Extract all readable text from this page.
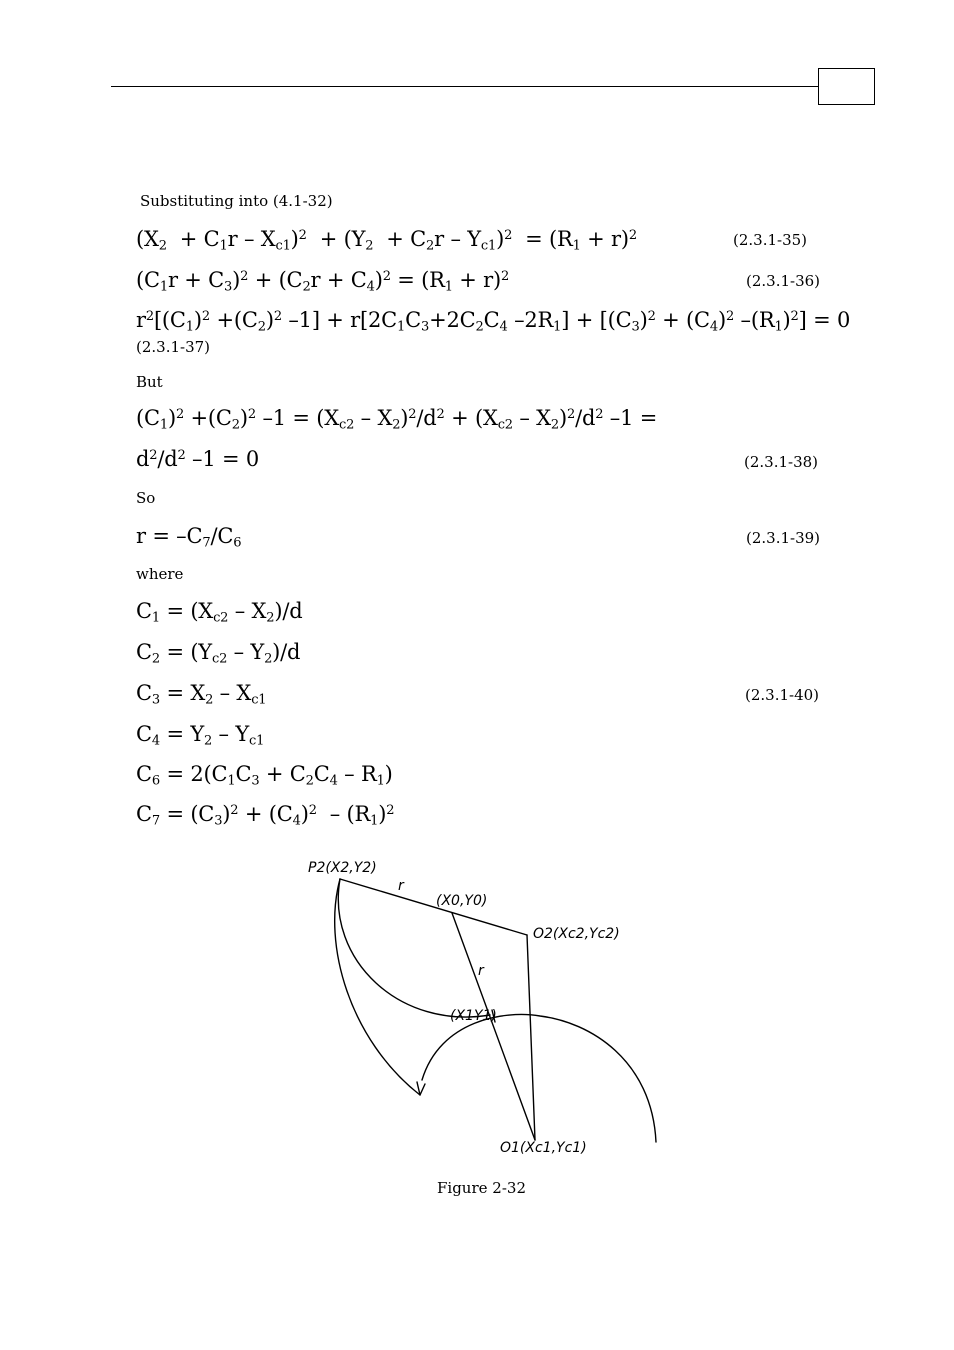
Substituting into (4.1-32)
$(X_2 + C_1r - X_{c1})^2 + (Y_2 + C_2r - Y_{c1})^2 = (R_1 + r)^2$	(2.3.1-35)
$(C_1r + C_3)^2 + (C_2r + C_4)^2 = (R_1 + r)^2$	(2.3.1-36)
$r^2[(C_1)^2 +(C_2)^2$ $-1] + r[2C_1C_3+2C_2C_4$ $-2R_1] + [(C_3)^2 + (C_4)^2$ $-(R_1)^2] = 0$
(2.3.1-37)
But
$(C_1)^2 +(C_2)^2$ $-1 = (X_{c2} - X_2)^2/d^2 + (X_{c2} - X_2)^2/d^2$ –1 =
$d^2/d^2$ –1 = 0	(2.3.1-38)
So
$r = -C_7/C_6$	(2.3.1-39)
where
$C_1 = (X_{c2} - X_2)/d$
$C_2 = (Y_{c2} - Y_2)/d$
$C_3 = X_2 - X_{c1}$	(2.3.1-40)
$C_4 = Y_2 - Y_{c1}$
$C_6 = 2(C_1C_3 + C_2C_4 - R_1)$
$C_7 = (C_3)^2 + (C_4)^2 - (R_1)^2$
P2(X2,Y2)
r
(X0,Y0)
O2(Xc2,Yc2)
r
(X1Y1)
O1(Xc1,Yc1)
Figure 2-32
